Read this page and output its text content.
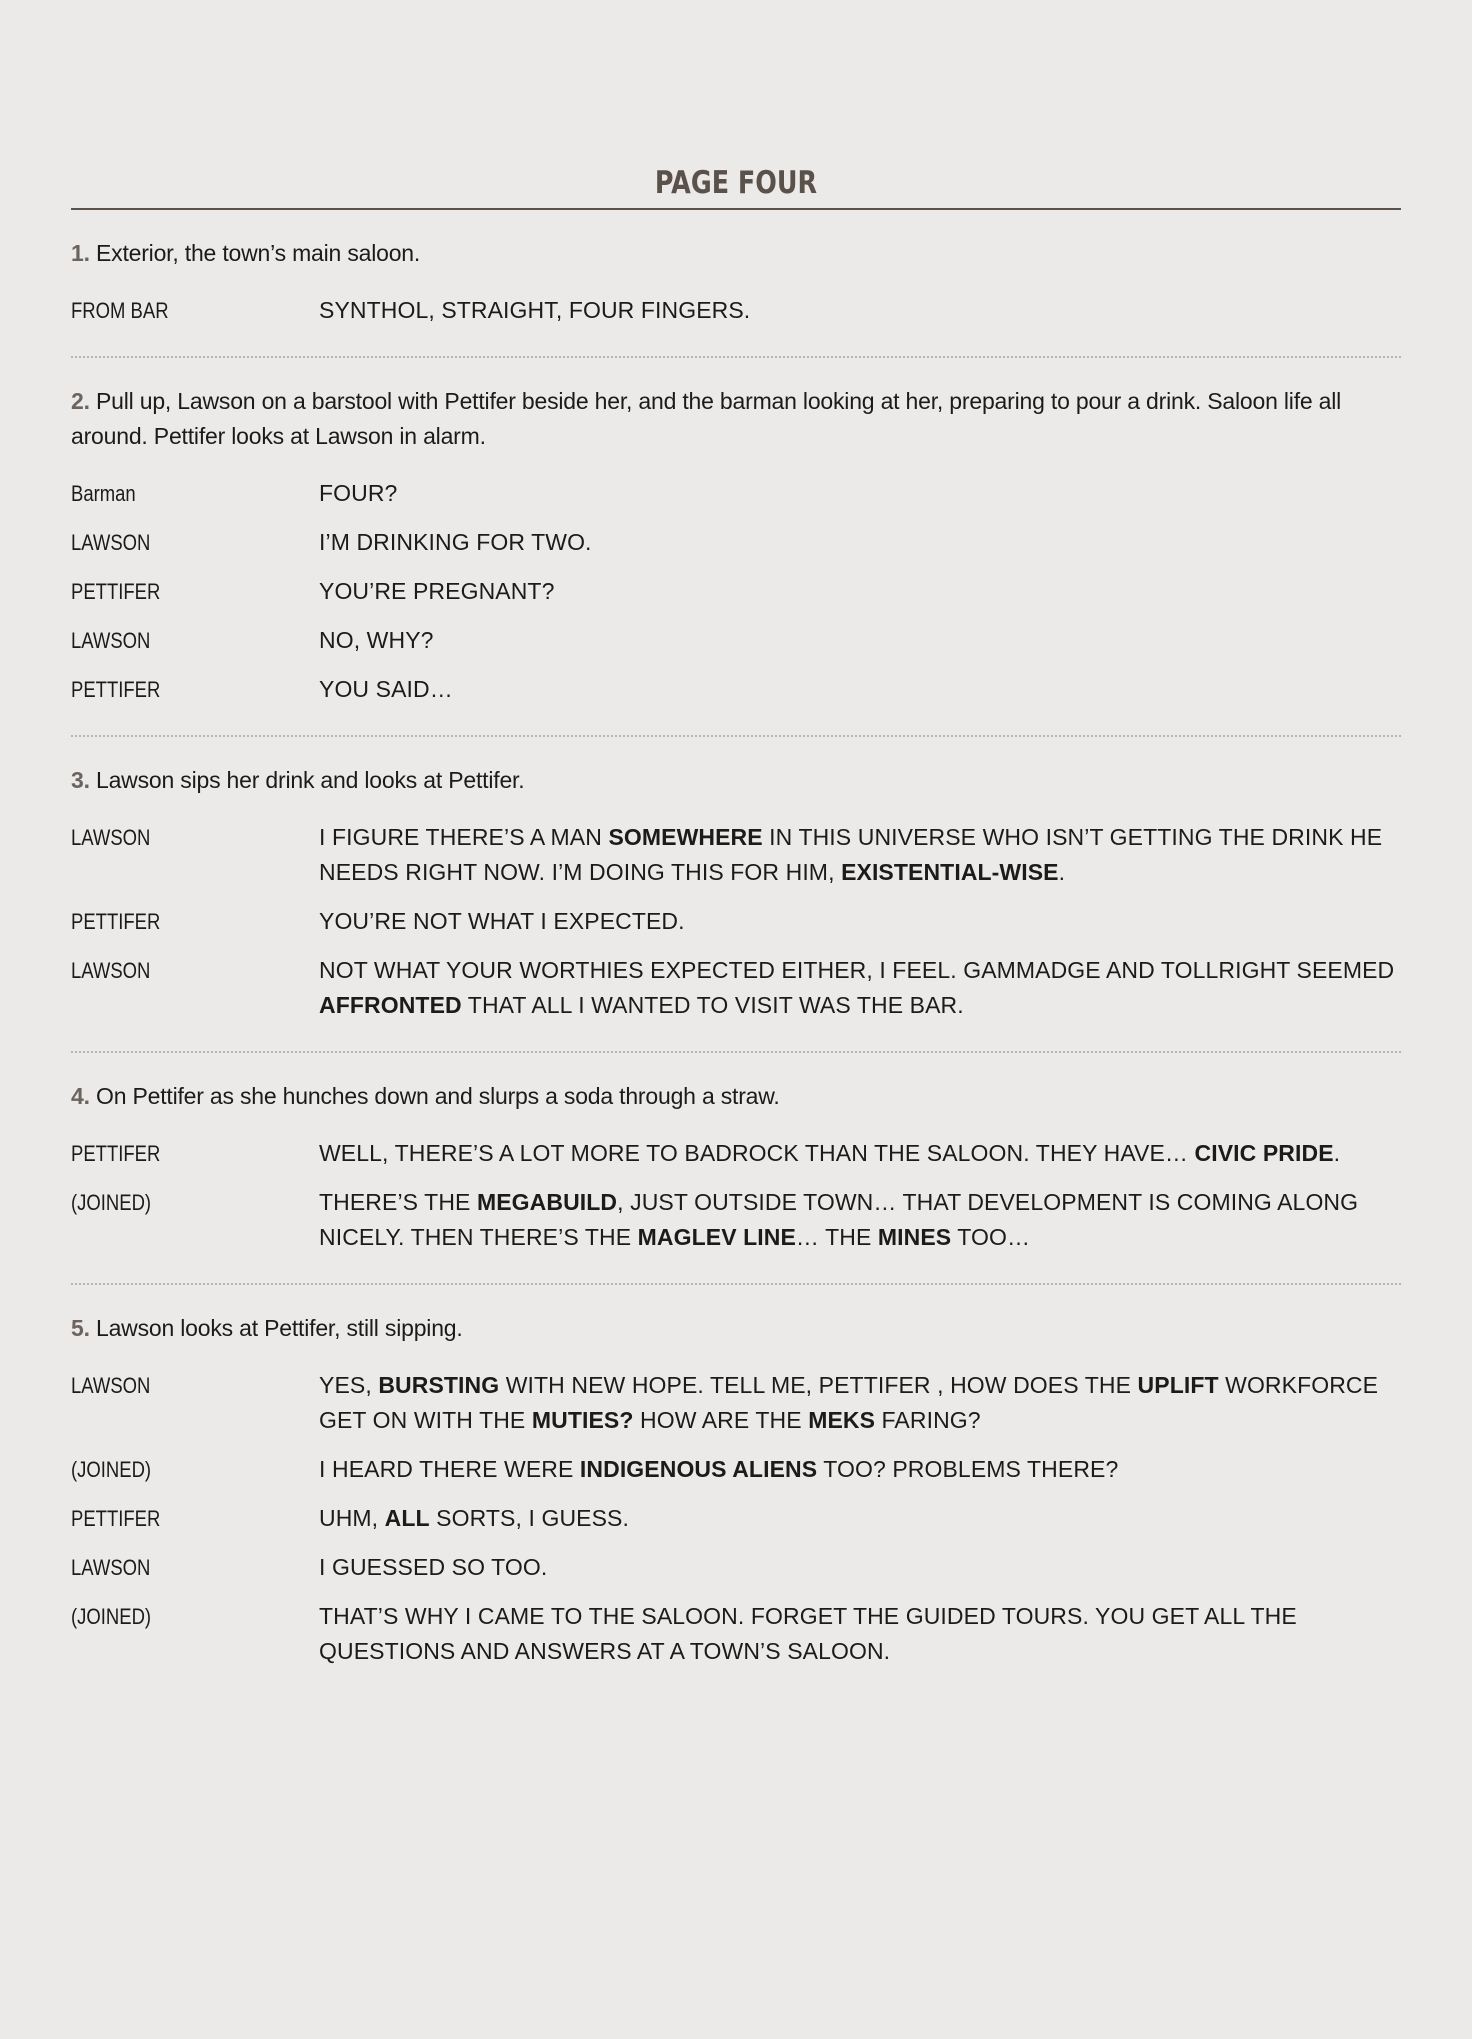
PAGE FOUR

1. Exterior, the town’s main saloon.

FROM BAR	SYNTHOL, STRAIGHT, FOUR FINGERS.

2. Pull up, Lawson on a barstool with Pettifer beside her, and the barman looking at her, preparing to pour a drink. Saloon life all around. Pettifer looks at Lawson in alarm.

Barman	FOUR?
LAWSON	I’M DRINKING FOR TWO.
PETTIFER	YOU’RE PREGNANT?
LAWSON	NO, WHY?
PETTIFER	YOU SAID…

3. Lawson sips her drink and looks at Pettifer.

LAWSON	I FIGURE THERE’S A MAN SOMEWHERE IN THIS UNIVERSE WHO ISN’T GETTING THE DRINK HE NEEDS RIGHT NOW. I’M DOING THIS FOR HIM, EXISTENTIAL-WISE.
PETTIFER	YOU’RE NOT WHAT I EXPECTED.
LAWSON	NOT WHAT YOUR WORTHIES EXPECTED EITHER, I FEEL. GAMMADGE AND TOLLRIGHT SEEMED AFFRONTED THAT ALL I WANTED TO VISIT WAS THE BAR.

4. On Pettifer as she hunches down and slurps a soda through a straw.

PETTIFER	WELL, THERE’S A LOT MORE TO BADROCK THAN THE SALOON. THEY HAVE… CIVIC PRIDE.
(JOINED)	THERE’S THE MEGABUILD, JUST OUTSIDE TOWN… THAT DEVELOPMENT IS COMING ALONG NICELY. THEN THERE’S THE MAGLEV LINE… THE MINES TOO…

5. Lawson looks at Pettifer, still sipping.

LAWSON	YES, BURSTING WITH NEW HOPE. TELL ME, PETTIFER , HOW DOES THE UPLIFT WORKFORCE GET ON WITH THE MUTIES? HOW ARE THE MEKS FARING?
(JOINED)	I HEARD THERE WERE INDIGENOUS ALIENS TOO? PROBLEMS THERE?
PETTIFER	UHM, ALL SORTS, I GUESS.
LAWSON	I GUESSED SO TOO.
(JOINED)	THAT’S WHY I CAME TO THE SALOON. FORGET THE GUIDED TOURS. YOU GET ALL THE QUESTIONS AND ANSWERS AT A TOWN’S SALOON.
